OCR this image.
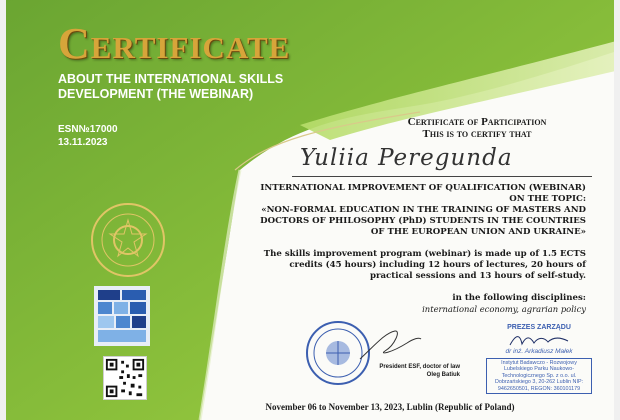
Certificate
ABOUT THE INTERNATIONAL SKILLS DEVELOPMENT (THE WEBINAR)
ESN№17000
13.11.2023
Certificate of Participation
This is to certify that
Yuliia Peregunda
INTERNATIONAL IMPROVEMENT OF QUALIFICATION (WEBINAR) ON THE TOPIC:
«NON-FORMAL EDUCATION IN THE TRAINING OF MASTERS AND DOCTORS OF PHILOSOPHY (PhD) STUDENTS IN THE COUNTRIES OF THE EUROPEAN UNION AND UKRAINE»
The skills improvement program (webinar) is made up of 1.5 ECTS credits (45 hours) including 12 hours of lectures, 20 hours of practical sessions and 13 hours of self-study.
in the following disciplines:
international economy, agrarian policy
President ESF, doctor of law
Oleg Batiuk
PREZES ZARZĄDU
dr inż. Arkadiusz Małek
Instytut Badawczo - Rozwojowy Lubelskiego Parku Naukowo-Technologicznego Sp. z o.o. ul. Dobrzańskiego 3, 20-262 Lublin NIP: 9462650501, REGON: 360101179
November 06 to November 13, 2023, Lublin (Republic of Poland)
